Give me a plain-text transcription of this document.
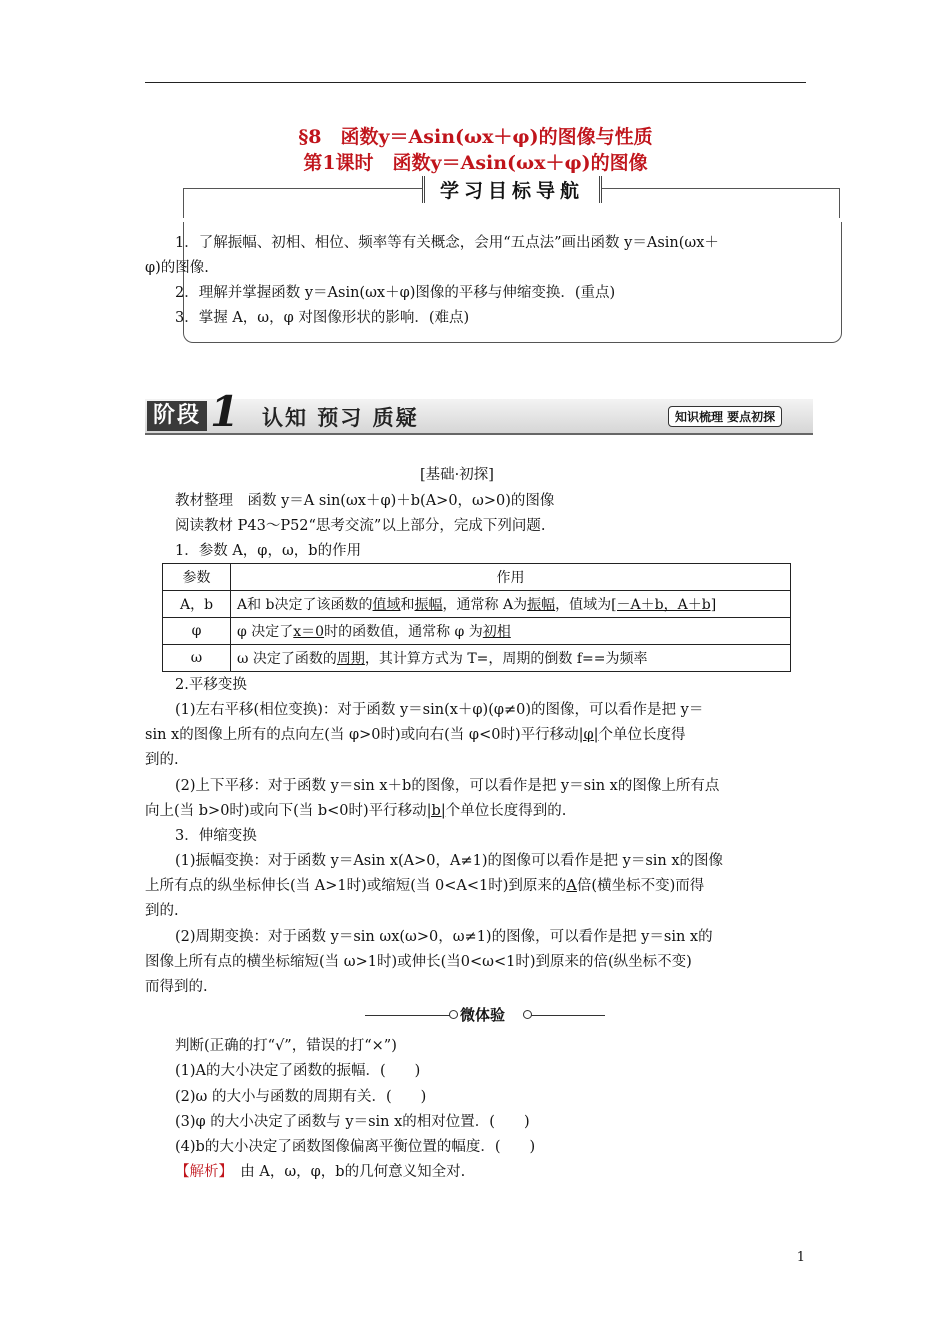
§8　函数y＝Asin(ωx＋φ)的图像与性质
第1课时　函数y＝Asin(ωx＋φ)的图像
学习目标导航
1．了解振幅、初相、相位、频率等有关概念，会用“五点法”画出函数 y＝Asin(ωx＋
φ)的图像.
2．理解并掌握函数 y＝Asin(ωx＋φ)图像的平移与伸缩变换．(重点)
3．掌握 A，ω，φ 对图像形状的影响．(难点)
阶段 1 认知 预习 质疑	知识梳理 要点初探
[基础·初探]
教材整理　函数 y＝A sin(ωx＋φ)＋b(A>0，ω>0)的图像
阅读教材 P43～P52“思考交流”以上部分，完成下列问题.
1．参数 A，φ，ω，b的作用
参数	作用
A，b	A和 b决定了该函数的值域和振幅，通常称 A为振幅，值域为[－A＋b，A＋b]
φ	φ 决定了x＝0时的函数值，通常称 φ 为初相
ω	ω 决定了函数的周期，其计算方式为 T=，周期的倒数 f==为频率
2.平移变换
(1)左右平移(相位变换)：对于函数 y＝sin(x＋φ)(φ≠0)的图像，可以看作是把 y＝
sin x的图像上所有的点向左(当 φ>0时)或向右(当 φ<0时)平行移动|φ|个单位长度得
到的.
(2)上下平移：对于函数 y＝sin x＋b的图像，可以看作是把 y＝sin x的图像上所有点
向上(当 b>0时)或向下(当 b<0时)平行移动|b|个单位长度得到的.
3．伸缩变换
(1)振幅变换：对于函数 y＝Asin x(A>0，A≠1)的图像可以看作是把 y＝sin x的图像
上所有点的纵坐标伸长(当 A>1时)或缩短(当 0<A<1时)到原来的A倍(横坐标不变)而得
到的.
(2)周期变换：对于函数 y＝sin ωx(ω>0，ω≠1)的图像，可以看作是把 y＝sin x的
图像上所有点的横坐标缩短(当 ω>1时)或伸长(当0<ω<1时)到原来的倍(纵坐标不变)
而得到的.
微体验
判断(正确的打“√”，错误的打“×”)
(1)A的大小决定了函数的振幅．(　　)
(2)ω 的大小与函数的周期有关．(　　)
(3)φ 的大小决定了函数与 y＝sin x的相对位置．(　　)
(4)b的大小决定了函数图像偏离平衡位置的幅度．(　　)
【解析】　 由 A，ω，φ，b的几何意义知全对.
1
